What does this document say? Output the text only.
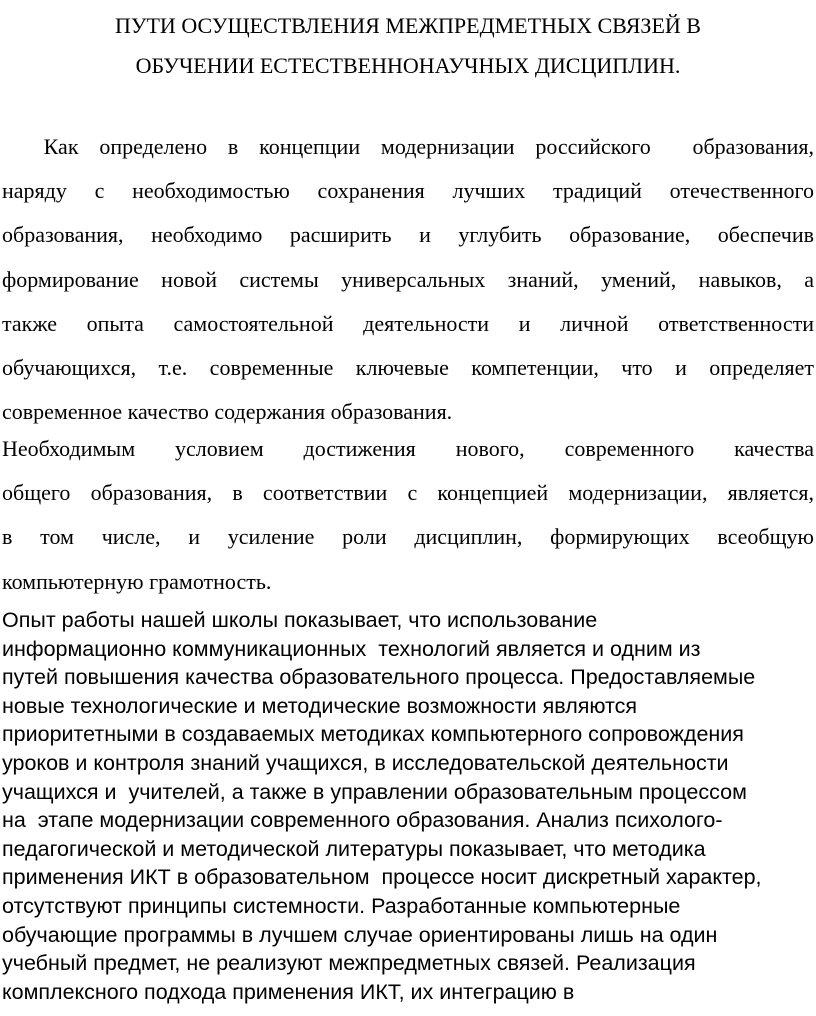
ПУТИ ОСУЩЕСТВЛЕНИЯ МЕЖПРЕДМЕТНЫХ СВЯЗЕЙ В
ОБУЧЕНИИ ЕСТЕСТВЕННОНАУЧНЫХ ДИСЦИПЛИН.

Как определено в концепции модернизации российского  образования,
наряду с необходимостью сохранения лучших традиций отечественного
образования, необходимо расширить и углубить образование, обеспечив
формирование новой системы универсальных знаний, умений, навыков, а
также опыта самостоятельной деятельности и личной ответственности
обучающихся, т.е. современные ключевые компетенции, что и определяет
современное качество содержания образования.

Необходимым условием достижения нового, современного качества
общего образования, в соответствии с концепцией модернизации, является,
в том числе, и усиление роли дисциплин, формирующих всеобщую
компьютерную грамотность.

Опыт работы нашей школы показывает, что использование
информационно коммуникационных  технологий является и одним из
путей повышения качества образовательного процесса. Предоставляемые
новые технологические и методические возможности являются
приоритетными в создаваемых методиках компьютерного сопровождения
уроков и контроля знаний учащихся, в исследовательской деятельности
учащихся и  учителей, а также в управлении образовательным процессом
на  этапе модернизации современного образования. Анализ психолого-
педагогической и методической литературы показывает, что методика
применения ИКТ в образовательном  процессе носит дискретный характер,
отсутствуют принципы системности. Разработанные компьютерные
обучающие программы в лучшем случае ориентированы лишь на один
учебный предмет, не реализуют межпредметных связей. Реализация
комплексного подхода применения ИКТ, их интеграцию в
